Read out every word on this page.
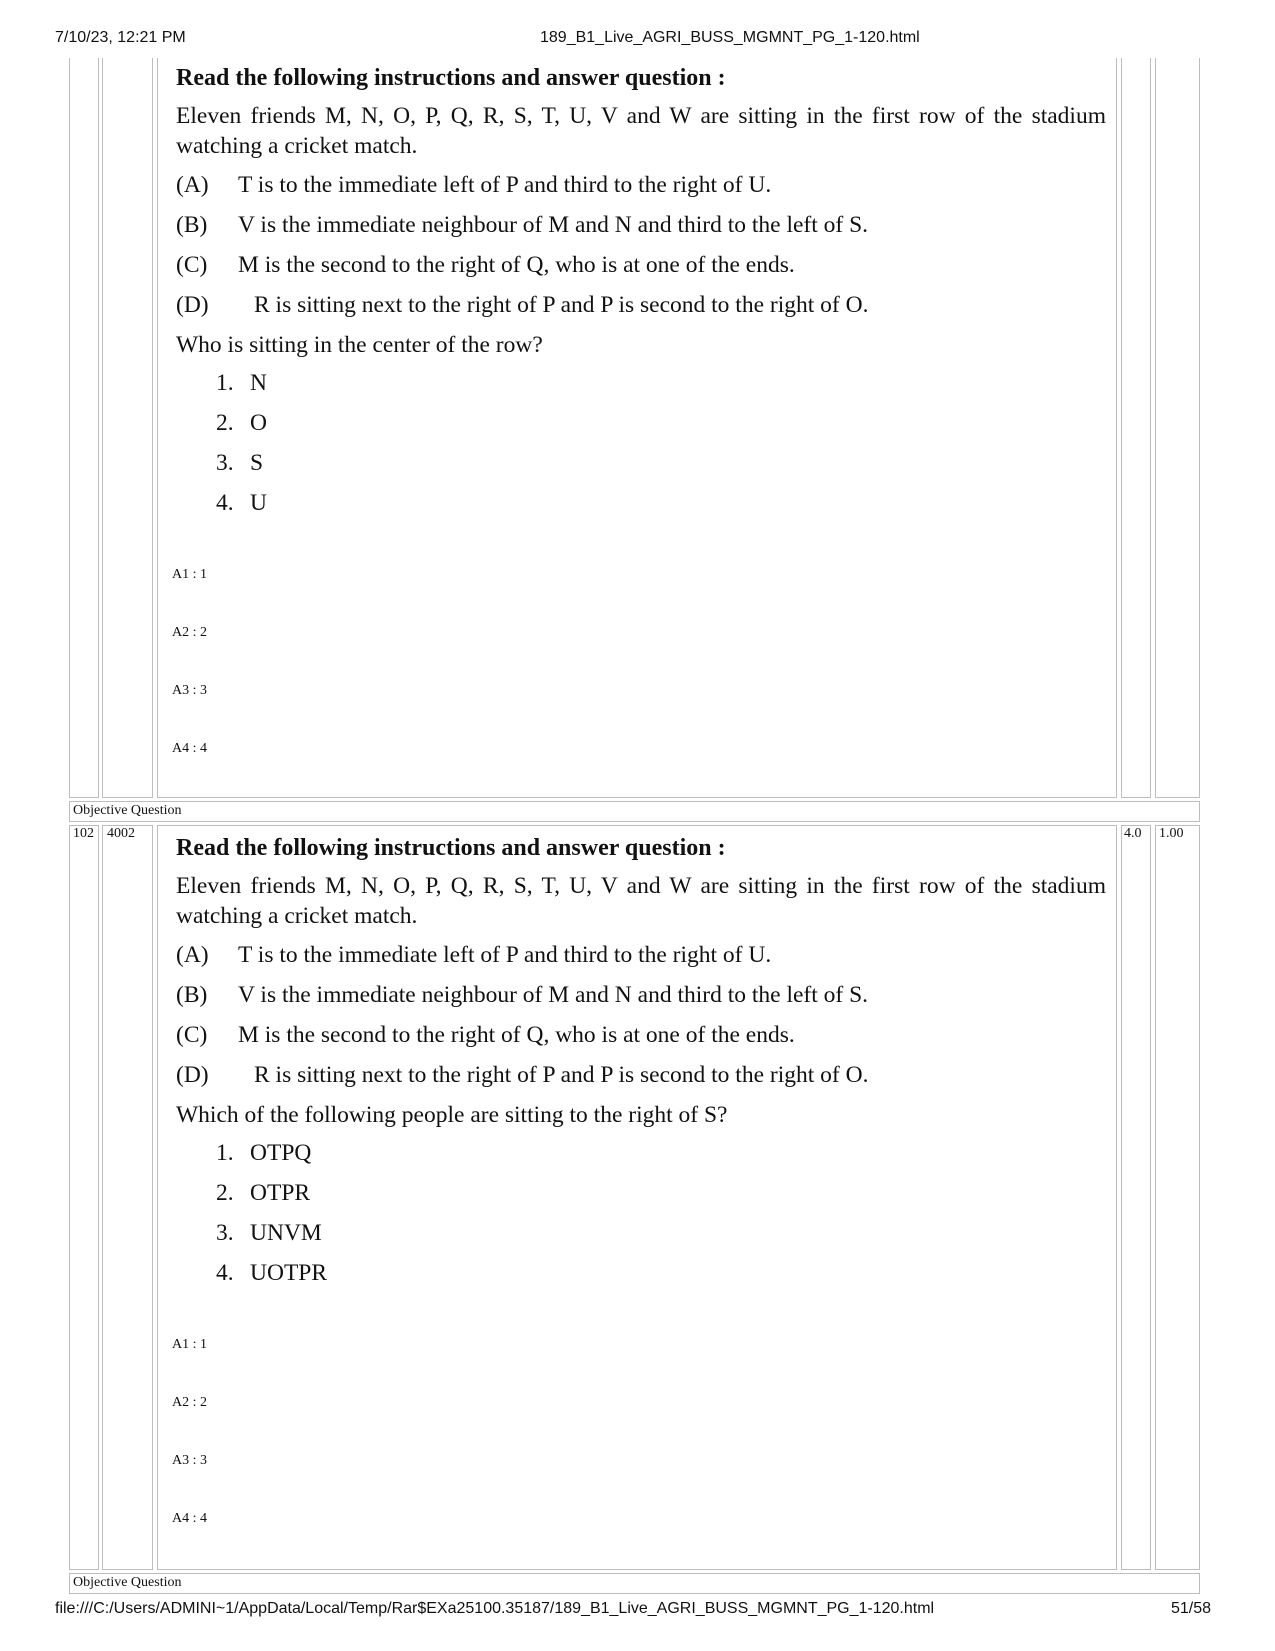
7/10/23, 12:21 PM	189_B1_Live_AGRI_BUSS_MGMNT_PG_1-120.html
Objective Question
Read the following instructions and answer question :
Eleven friends M, N, O, P, Q, R, S, T, U, V and W are sitting in the first row of the stadium watching a cricket match.
(A)	T is to the immediate left of P and third to the right of U.
(B)	V is the immediate neighbour of M and N and third to the left of S.
(C)	M is the second to the right of Q, who is at one of the ends.
(D)	R is sitting next to the right of P and P is second to the right of O.
Who is sitting in the center of the row?
1. N
2. O
3. S
4. U
A1 : 1
A2 : 2
A3 : 3
A4 : 4
102 4002	4.0 1.00
Objective Question
Read the following instructions and answer question :
Eleven friends M, N, O, P, Q, R, S, T, U, V and W are sitting in the first row of the stadium watching a cricket match.
(A)	T is to the immediate left of P and third to the right of U.
(B)	V is the immediate neighbour of M and N and third to the left of S.
(C)	M is the second to the right of Q, who is at one of the ends.
(D)	R is sitting next to the right of P and P is second to the right of O.
Which of the following people are sitting to the right of S?
1. OTPQ
2. OTPR
3. UNVM
4. UOTPR
A1 : 1
A2 : 2
A3 : 3
A4 : 4
file:///C:/Users/ADMINI~1/AppData/Local/Temp/Rar$EXa25100.35187/189_B1_Live_AGRI_BUSS_MGMNT_PG_1-120.html	51/58
